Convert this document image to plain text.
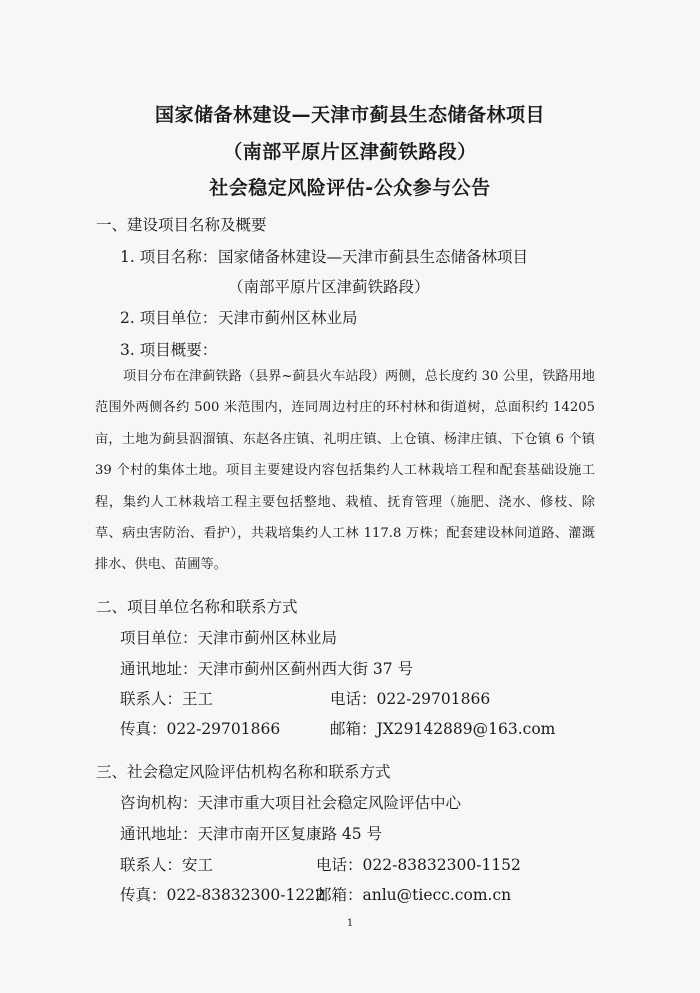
国家储备林建设—天津市蓟县生态储备林项目
（南部平原片区津蓟铁路段）
社会稳定风险评估-公众参与公告
一、建设项目名称及概要
1. 项目名称： 国家储备林建设—天津市蓟县生态储备林项目
（南部平原片区津蓟铁路段）
2. 项目单位： 天津市蓟州区林业局
3. 项目概要：
项目分布在津蓟铁路（县界~蓟县火车站段）两侧，总长度约 30 公里，铁路用地范围外两侧各约 500 米范围内，连同周边村庄的环村林和街道树，总面积约 14205 亩，土地为蓟县泅溜镇、东赵各庄镇、礼明庄镇、上仓镇、杨津庄镇、下仓镇 6 个镇 39 个村的集体土地。项目主要建设内容包括集约人工林栽培工程和配套基础设施工程，集约人工林栽培工程主要包括整地、栽植、抚育管理（施肥、浇水、修枝、除草、病虫害防治、看护），共栽培集约人工林 117.8 万株；配套建设林间道路、灌溉排水、供电、苗圃等。
二、项目单位名称和联系方式
项目单位：天津市蓟州区林业局
通讯地址：天津市蓟州区蓟州西大街 37 号
联系人：王工	电话：022-29701866
传真：022-29701866	邮箱：JX29142889@163.com
三、社会稳定风险评估机构名称和联系方式
咨询机构：天津市重大项目社会稳定风险评估中心
通讯地址：天津市南开区复康路 45 号
联系人：安工	电话：022-83832300-1152
传真：022-83832300-1222
邮箱：anlu@tiecc.com.cn
1
